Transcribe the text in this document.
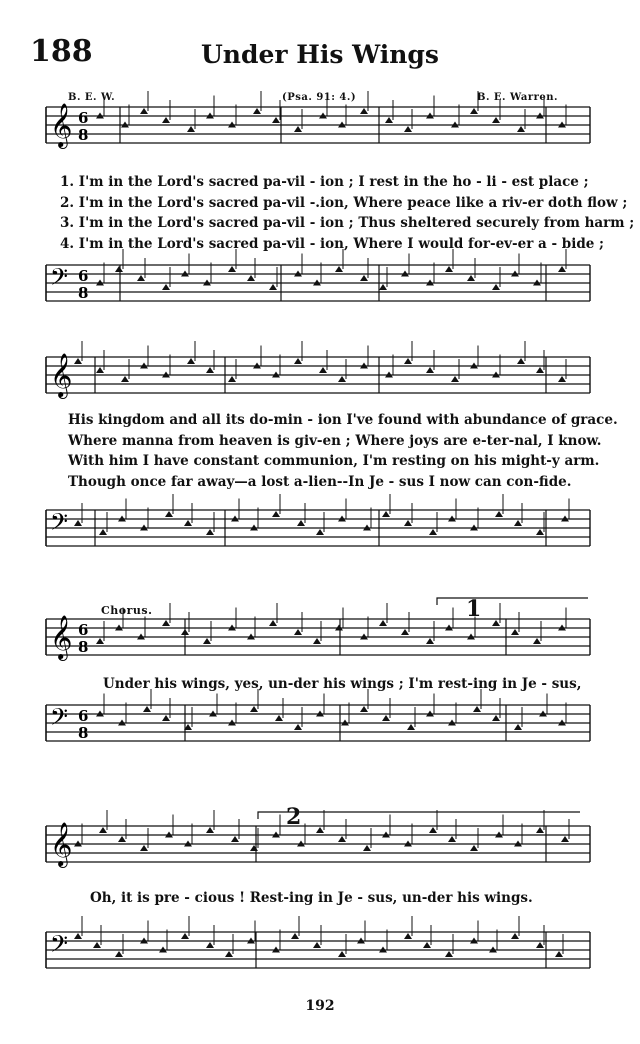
188	Under His Wings
B. E. W.	(Psa. 91: 4.)	B. E. Warren.
𝄞 6
8
𝄢 6
8
𝄞
𝄢
𝄞 6
8
𝄢 6
8
𝄞
𝄢
1. I'm in the Lord's sacred pa-vil - ion ; I rest in the ho - li - est place ;
2. I'm in the Lord's sacred pa-vil -.ion, Where peace like a riv-er doth flow ;
3. I'm in the Lord's sacred pa-vil - ion ; Thus sheltered securely from harm ;
4. I'm in the Lord's sacred pa-vil - ion, Where I would for-ev-er a - bide ;
His kingdom and all its do-min - ion I've found with abundance of grace.
Where manna from heaven is giv-en ; Where joys are e-ter-nal, I know.
With him I have constant communion, I'm resting on his might-y arm.
Though once far away—a lost a-lien--In Je - sus I now can con-fide.
Chorus.	1
2
Under his wings, yes, un-der his wings ; I'm rest-ing in Je - sus,
Oh, it is pre - cious ! Rest-ing in Je - sus, un-der his wings.
192
